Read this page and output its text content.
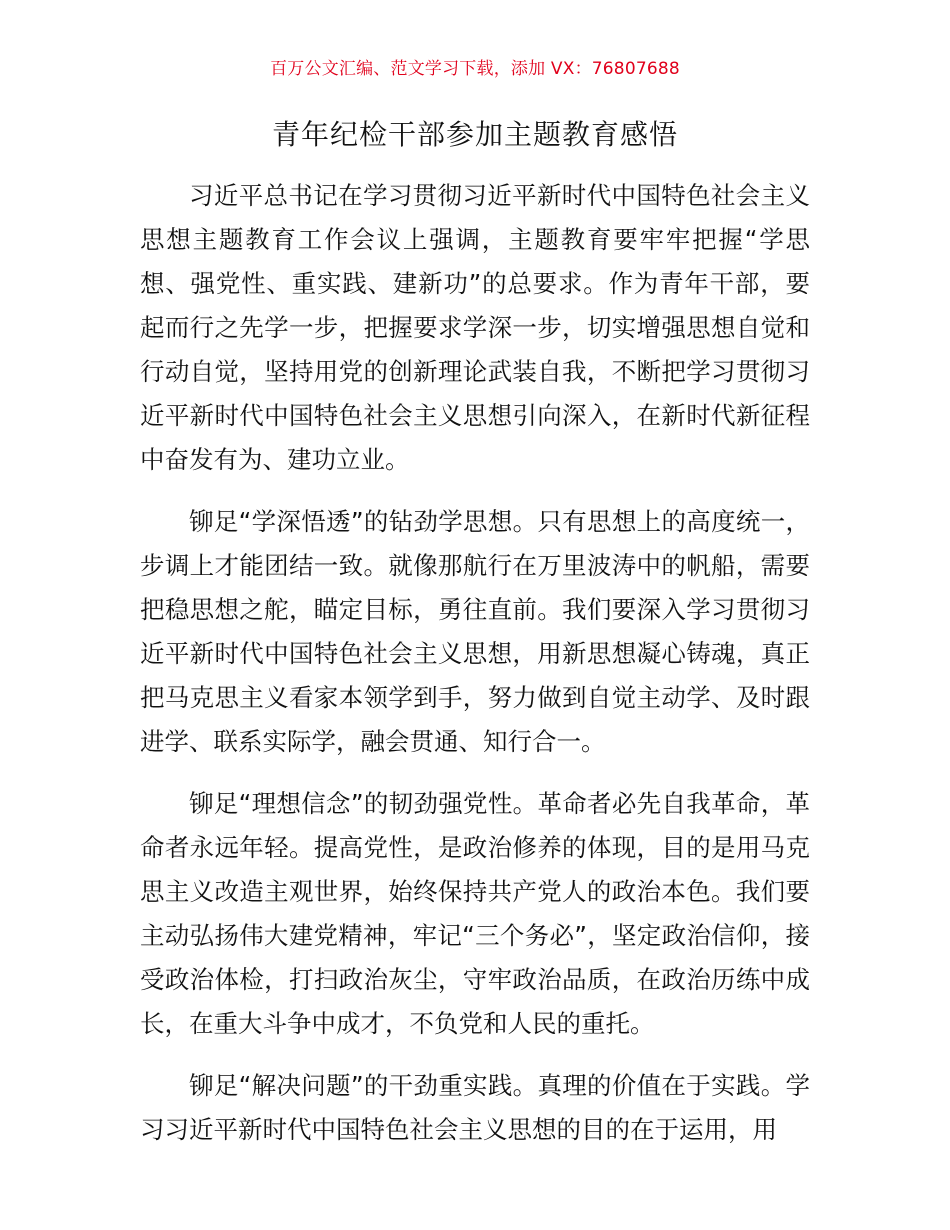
百万公文汇编、范文学习下载，添加 VX：76807688
青年纪检干部参加主题教育感悟

习近平总书记在学习贯彻习近平新时代中国特色社会主义思想主题教育工作会议上强调，主题教育要牢牢把握“学思想、强党性、重实践、建新功”的总要求。作为青年干部，要起而行之先学一步，把握要求学深一步，切实增强思想自觉和行动自觉，坚持用党的创新理论武装自我，不断把学习贯彻习近平新时代中国特色社会主义思想引向深入，在新时代新征程中奋发有为、建功立业。

铆足“学深悟透”的钻劲学思想。只有思想上的高度统一，步调上才能团结一致。就像那航行在万里波涛中的帆船，需要把稳思想之舵，瞄定目标，勇往直前。我们要深入学习贯彻习近平新时代中国特色社会主义思想，用新思想凝心铸魂，真正把马克思主义看家本领学到手，努力做到自觉主动学、及时跟进学、联系实际学，融会贯通、知行合一。

铆足“理想信念”的韧劲强党性。革命者必先自我革命，革命者永远年轻。提高党性，是政治修养的体现，目的是用马克思主义改造主观世界，始终保持共产党人的政治本色。我们要主动弘扬伟大建党精神，牢记“三个务必”，坚定政治信仰，接受政治体检，打扫政治灰尘，守牢政治品质，在政治历练中成长，在重大斗争中成才，不负党和人民的重托。

铆足“解决问题”的干劲重实践。真理的价值在于实践。学习习近平新时代中国特色社会主义思想的目的在于运用，用
